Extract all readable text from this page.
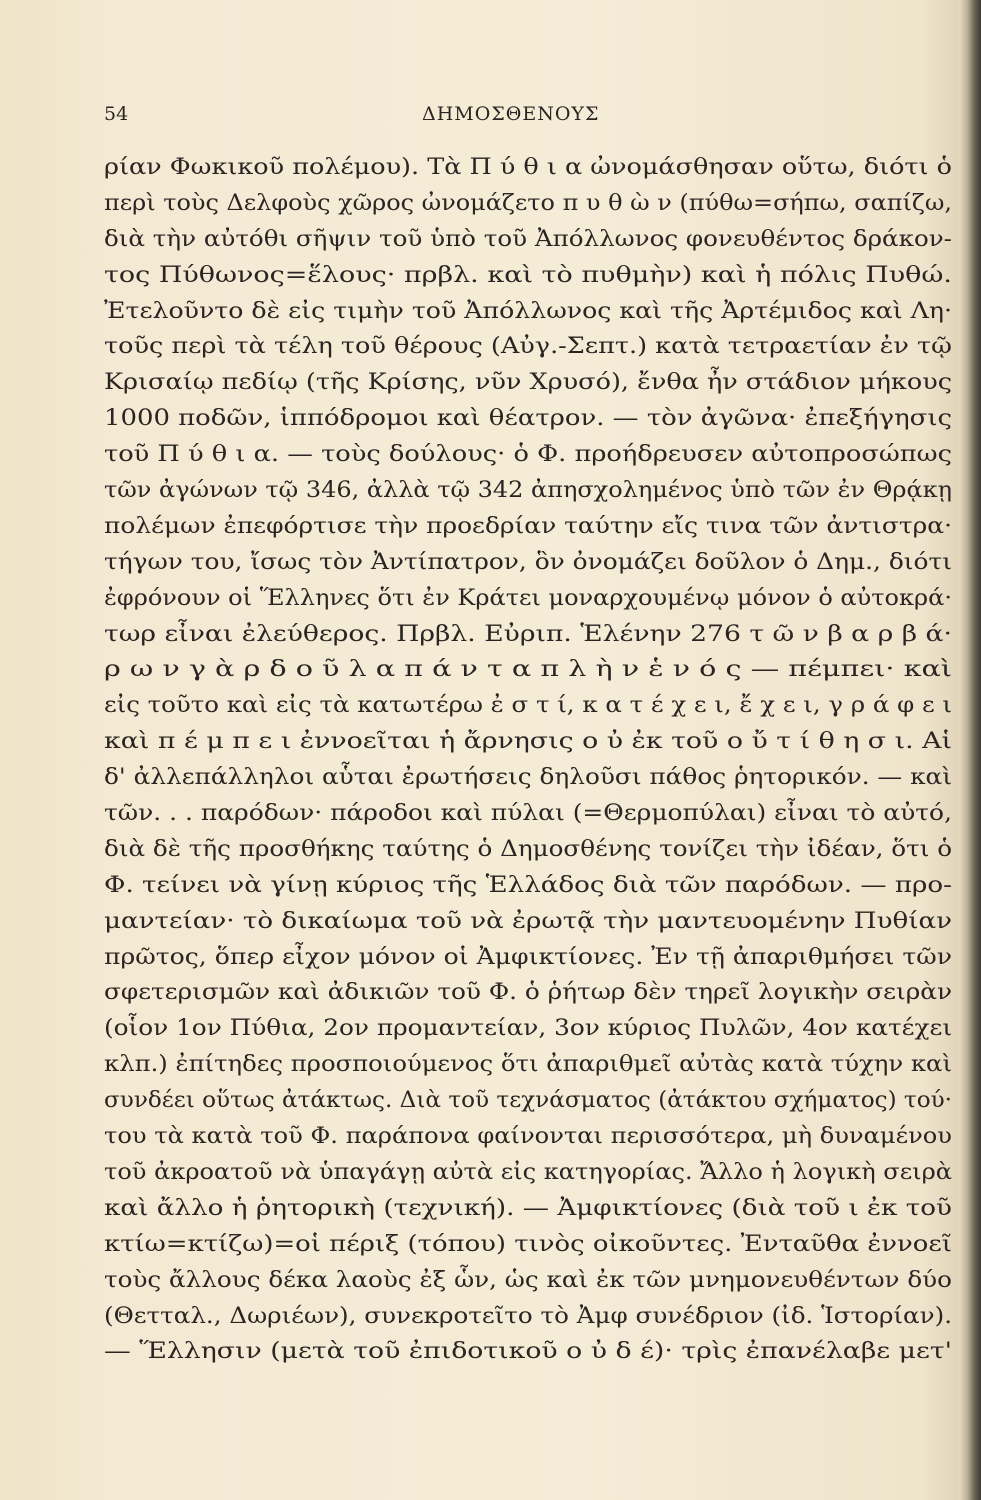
54	ΔΗΜΟΣΘΕΝΟΥΣ
ρίαν Φωκικοῦ πολέμου). Τὰ Π ύ θ ι α ὠνομάσθησαν οὕτω, διότι ὁ
περὶ τοὺς Δελφοὺς χῶρος ὠνομάζετο π υ θ ὼ ν (πύθω=σήπω, σαπίζω,
διὰ τὴν αὐτόθι σῆψιν τοῦ ὑπὸ τοῦ Ἀπόλλωνος φονευθέντος δράκον-
τος Πύθωνος=ἕλους· πρβλ. καὶ τὸ πυθμὴν) καὶ ἡ πόλις Πυθώ.
Ἐτελοῦντο δὲ εἰς τιμὴν τοῦ Ἀπόλλωνος καὶ τῆς Ἀρτέμιδος καὶ Λη·
τοῦς περὶ τὰ τέλη τοῦ θέρους (Αὐγ.-Σεπτ.) κατὰ τετραετίαν ἐν τῷ
Κρισαίῳ πεδίῳ (τῆς Κρίσης, νῦν Χρυσό), ἔνθα ἦν στάδιον μήκους
1000 ποδῶν, ἱππόδρομοι καὶ θέατρον. — τὸν ἀγῶνα· ἐπεξήγησις
τοῦ Π ύ θ ι α. — τοὺς δούλους· ὁ Φ. προήδρευσεν αὐτοπροσώπως
τῶν ἀγώνων τῷ 346, ἀλλὰ τῷ 342 ἀπησχολημένος ὑπὸ τῶν ἐν Θρᾴκῃ
πολέμων ἐπεφόρτισε τὴν προεδρίαν ταύτην εἴς τινα τῶν ἀντιστρα·
τήγων του, ἴσως τὸν Ἀντίπατρον, ὃν ὀνομάζει δοῦλον ὁ Δημ., διότι
ἐφρόνουν οἱ Ἕλληνες ὅτι ἐν Κράτει μοναρχουμένῳ μόνον ὁ αὐτοκρά·
τωρ εἶναι ἐλεύθερος. Πρβλ. Εὐριπ. Ἑλένην 276 τ ῶ ν β α ρ β ά·
ρ ω ν γ ὰ ρ δ ο ῦ λ α π ά ν τ α π λ ὴ ν ἑ ν ό ς — πέμπει· καὶ
εἰς τοῦτο καὶ εἰς τὰ κατωτέρω ἐ σ τ ί, κ α τ έ χ ε ι, ἔ χ ε ι, γ ρ ά φ ε ι
καὶ π έ μ π ε ι ἐννοεῖται ἡ ἄρνησις ο ὐ ἐκ τοῦ ο ὔ τ ί θ η σ ι. Αἱ
δ' ἀλλεπάλληλοι αὗται ἐρωτήσεις δηλοῦσι πάθος ῥητορικόν. — καὶ
τῶν. . . παρόδων· πάροδοι καὶ πύλαι (=Θερμοπύλαι) εἶναι τὸ αὐτό,
διὰ δὲ τῆς προσθήκης ταύτης ὁ Δημοσθένης τονίζει τὴν ἰδέαν, ὅτι ὁ
Φ. τείνει νὰ γίνῃ κύριος τῆς Ἑλλάδος διὰ τῶν παρόδων. — προ-
μαντείαν· τὸ δικαίωμα τοῦ νὰ ἐρωτᾷ τὴν μαντευομένην Πυθίαν
πρῶτος, ὅπερ εἶχον μόνον οἱ Ἀμφικτίονες. Ἐν τῇ ἀπαριθμήσει τῶν
σφετερισμῶν καὶ ἀδικιῶν τοῦ Φ. ὁ ῥήτωρ δὲν τηρεῖ λογικὴν σειρὰν
(οἷον 1ον Πύθια, 2ον προμαντείαν, 3ον κύριος Πυλῶν, 4ον κατέχει
κλπ.) ἐπίτηδες προσποιούμενος ὅτι ἀπαριθμεῖ αὐτὰς κατὰ τύχην καὶ
συνδέει οὕτως ἀτάκτως. Διὰ τοῦ τεχνάσματος (ἀτάκτου σχήματος) τού·
του τὰ κατὰ τοῦ Φ. παράπονα φαίνονται περισσότερα, μὴ δυναμένου
τοῦ ἀκροατοῦ νὰ ὑπαγάγῃ αὐτὰ εἰς κατηγορίας. Ἄλλο ἡ λογικὴ σειρὰ
καὶ ἄλλο ἡ ῥητορικὴ (τεχνική). — Ἀμφικτίονες (διὰ τοῦ ι ἐκ τοῦ
κτίω=κτίζω)=οἱ πέριξ (τόπου) τινὸς οἰκοῦντες. Ἐνταῦθα ἐννοεῖ
τοὺς ἄλλους δέκα λαοὺς ἐξ ὧν, ὡς καὶ ἐκ τῶν μνημονευθέντων δύο
(Θετταλ., Δωριέων), συνεκροτεῖτο τὸ Ἀμφ συνέδριον (ἰδ. Ἱστορίαν).
— Ἕλλησιν (μετὰ τοῦ ἐπιδοτικοῦ ο ὐ δ έ)· τρὶς ἐπανέλαβε μετ'
